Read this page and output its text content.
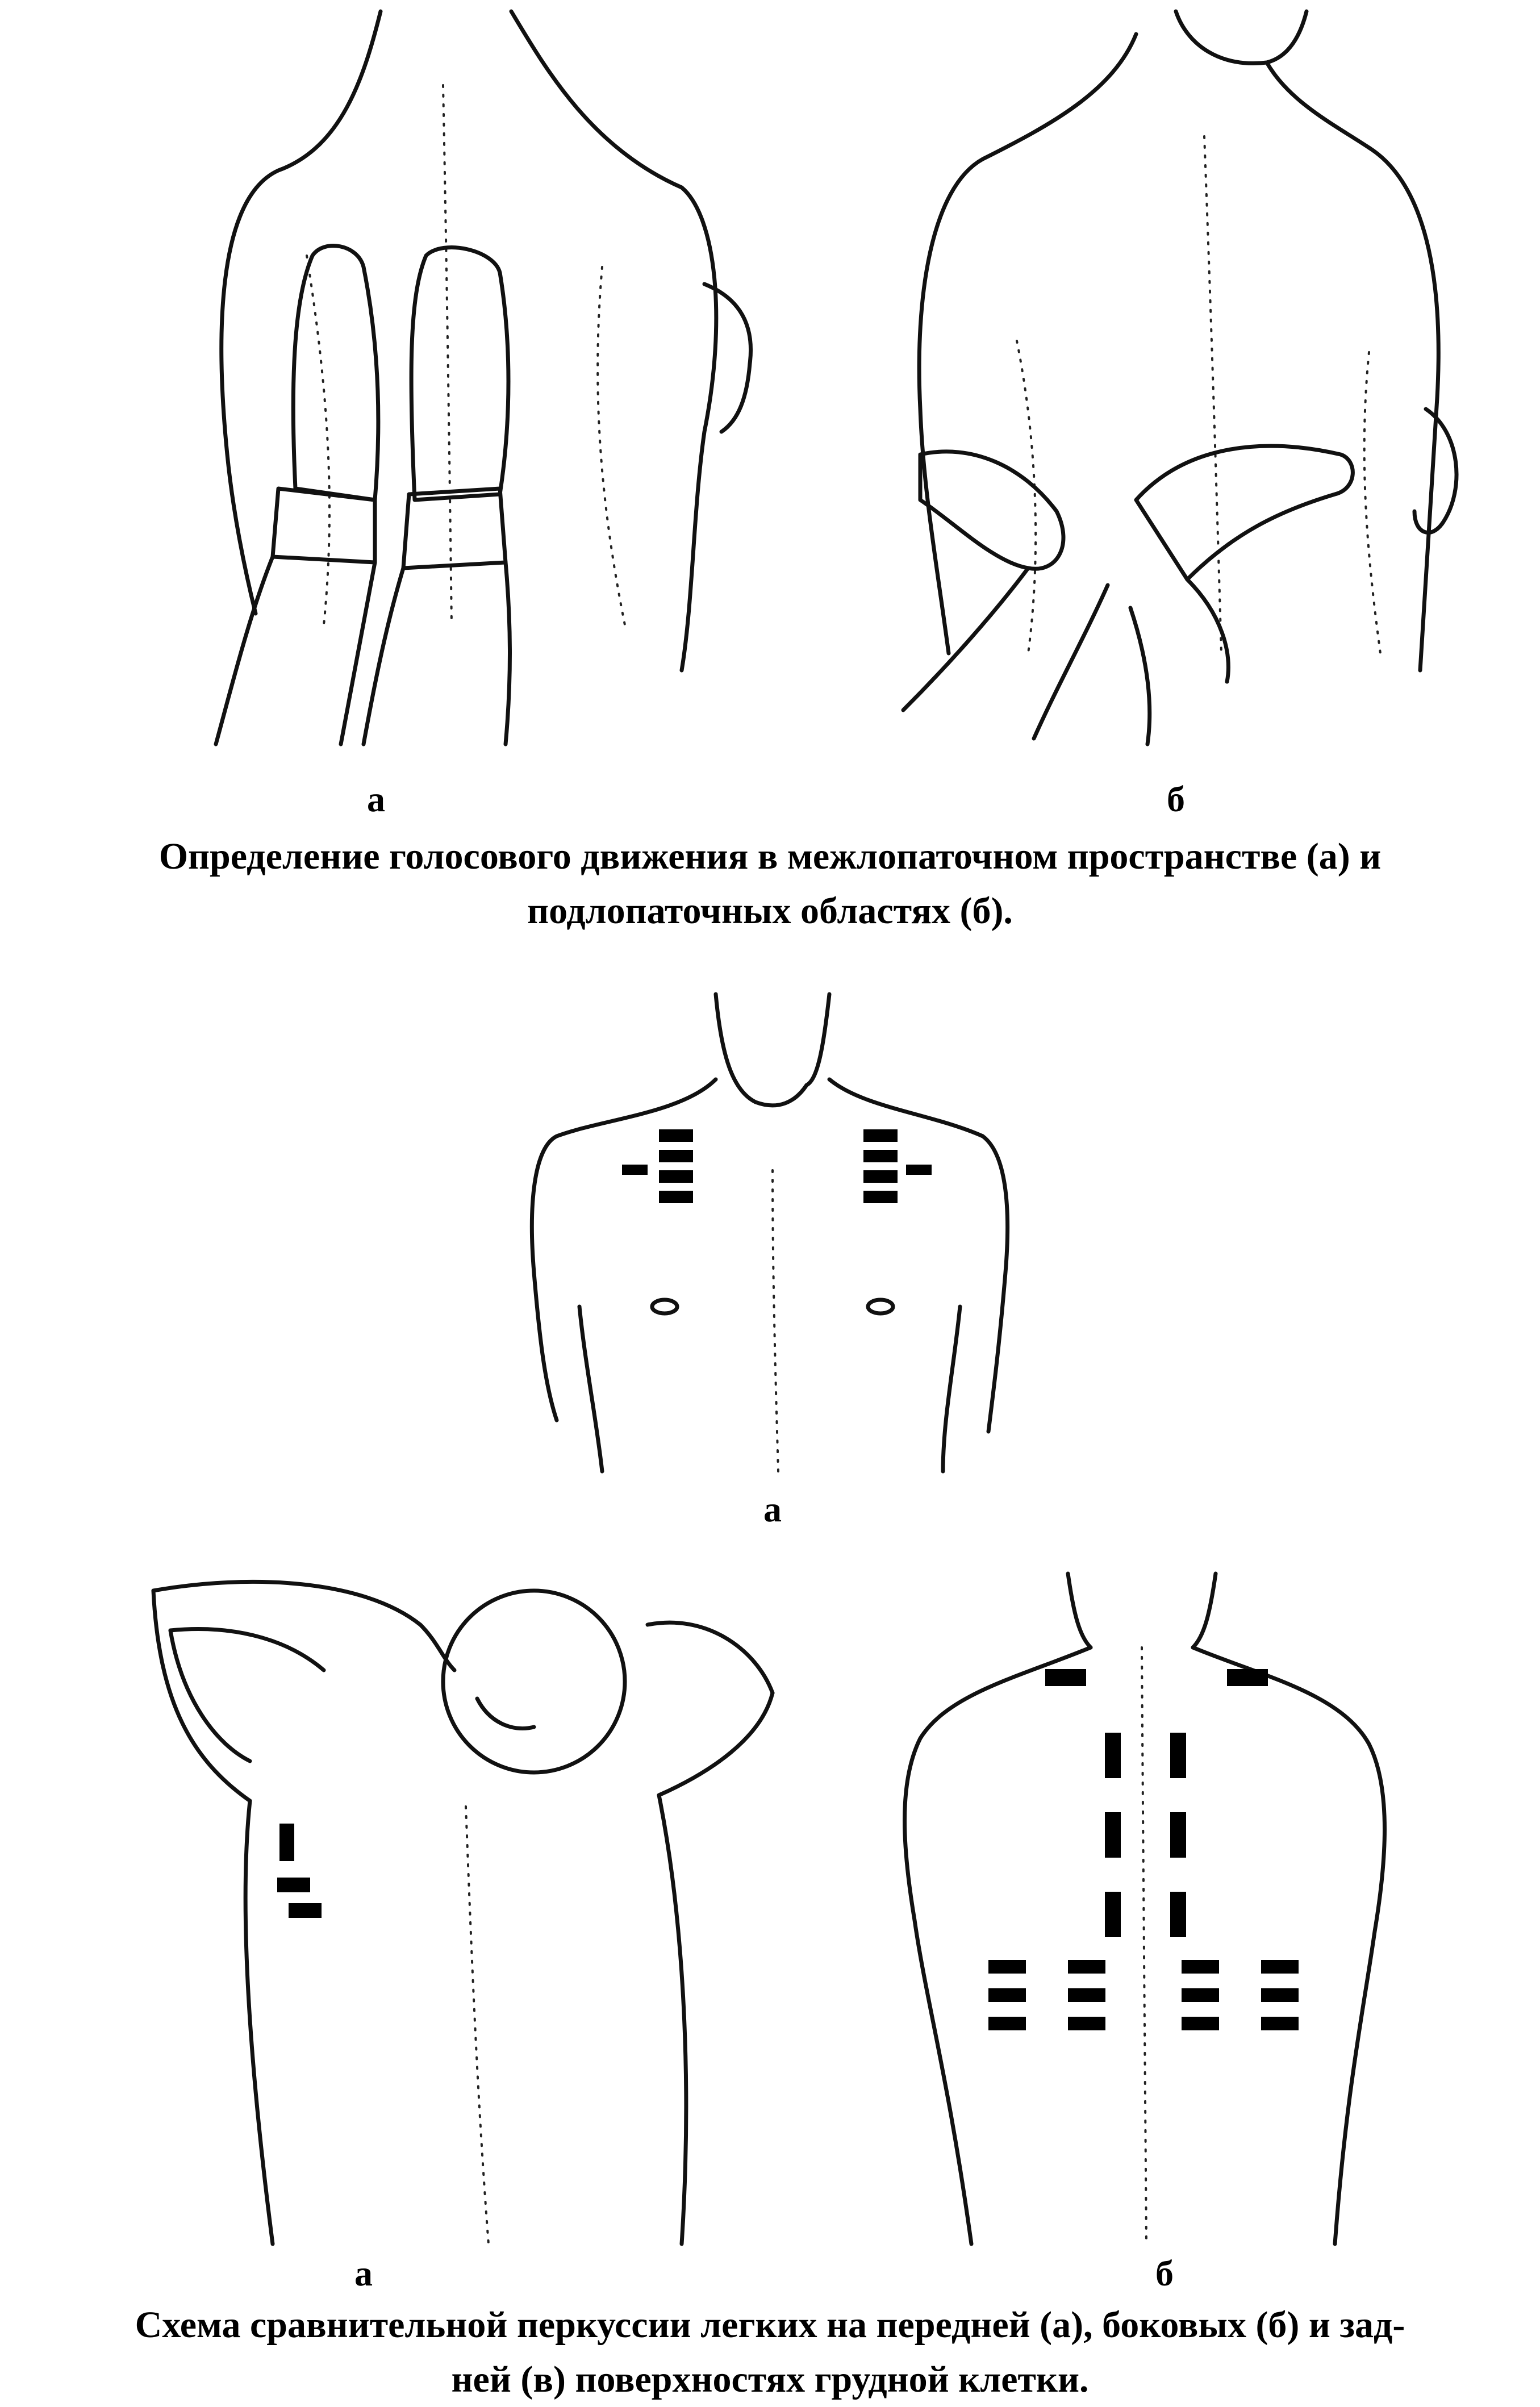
а	б
Определение голосового движения в межлопаточном пространстве (а) и
подлопаточных областях (б).
а
а	б
Схема сравнительной перкуссии легких на передней (а), боковых (б) и зад-
ней (в) поверхностях грудной клетки.
